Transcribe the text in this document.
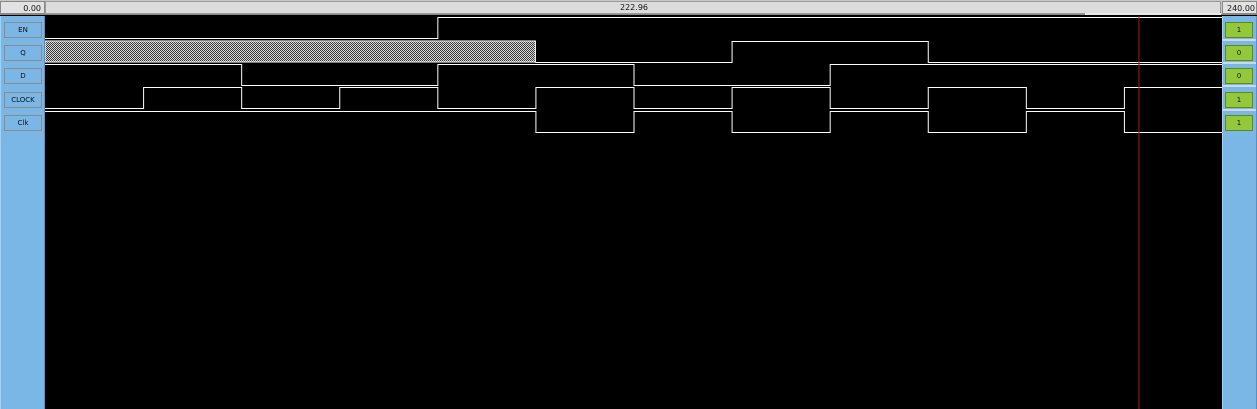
0.00	222.96	240.00
EN
Q
D
CLOCK
Clk
1
0
0
1
1
